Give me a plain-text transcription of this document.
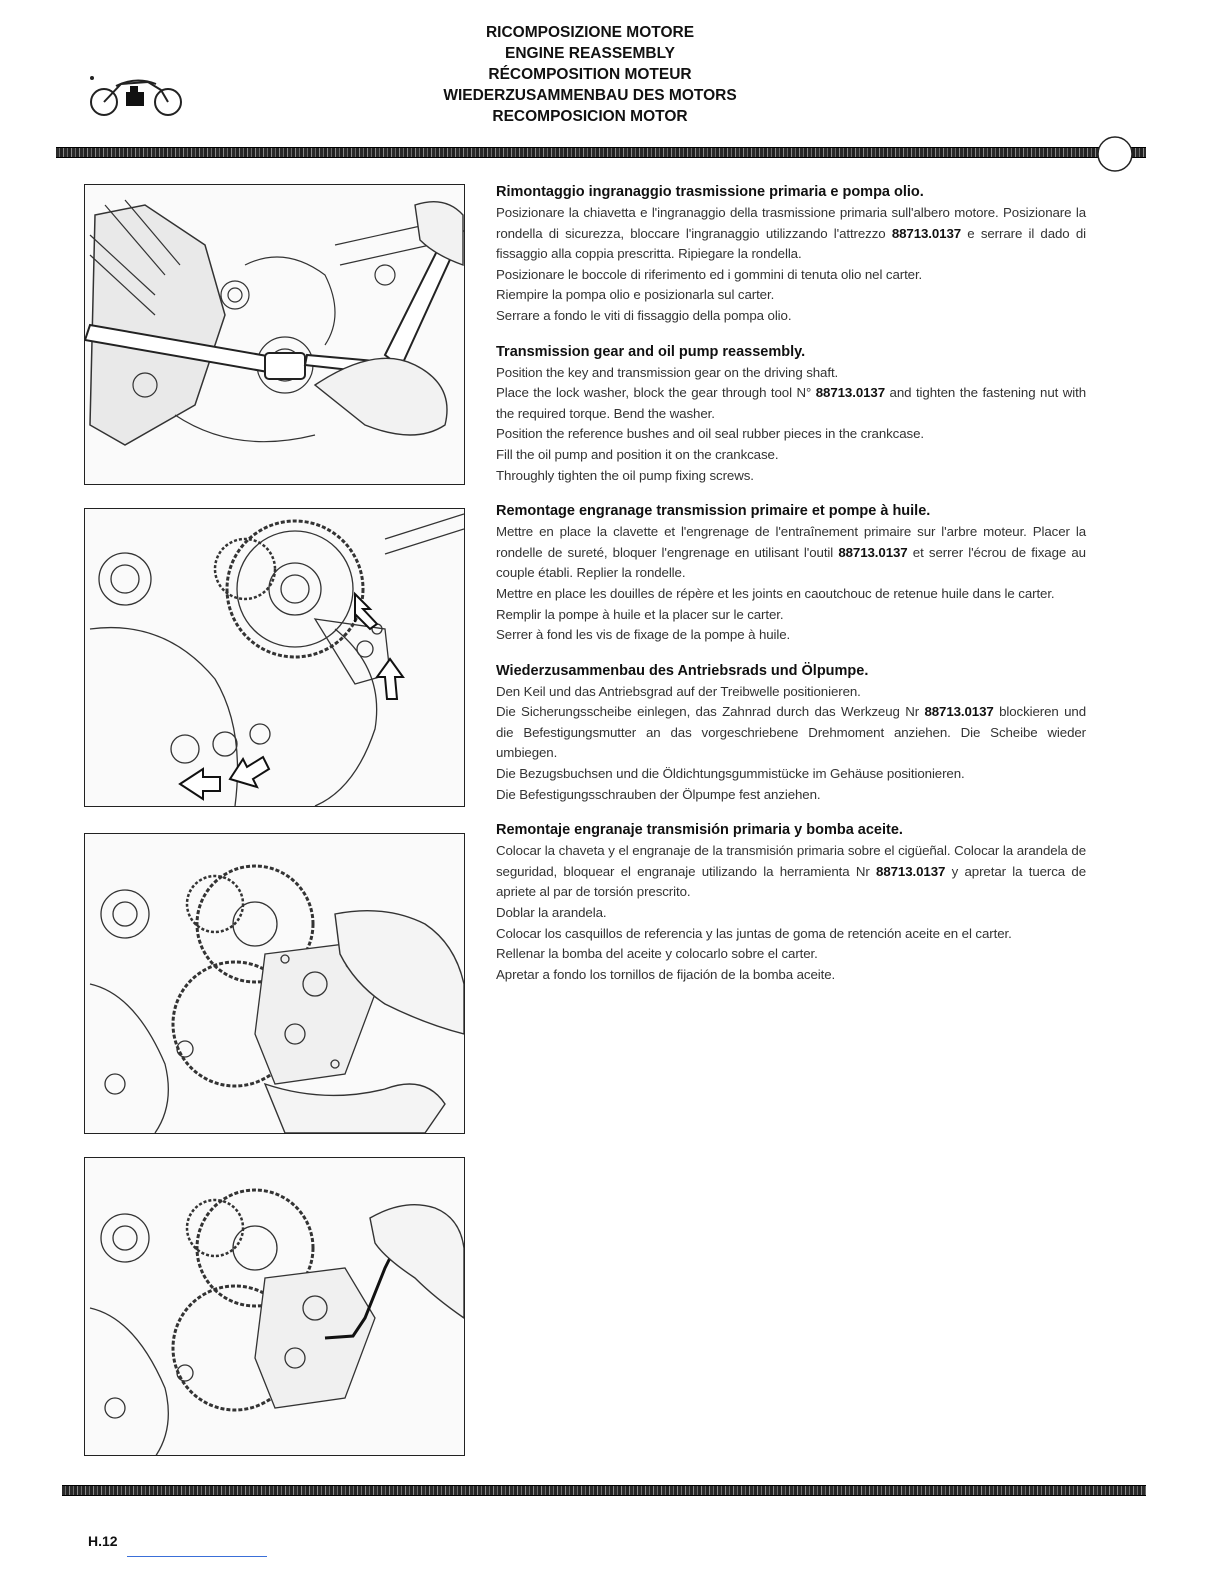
RICOMPOSIZIONE MOTORE
ENGINE REASSEMBLY
RÉCOMPOSITION MOTEUR
WIEDERZUSAMMENBAU DES MOTORS
RECOMPOSICION MOTOR
Rimontaggio ingranaggio trasmissione primaria e pompa olio.

Posizionare la chiavetta e l'ingranaggio della trasmissione primaria sull'albero motore. Posizionare la rondella di sicurezza, bloccare l'ingranaggio utilizzando l'attrezzo 88713.0137 e serrare il dado di fissaggio alla coppia prescritta. Ripiegare la rondella.

Posizionare le boccole di riferimento ed i gommini di tenuta olio nel carter.

Riempire la pompa olio e posizionarla sul carter.

Serrare a fondo le viti di fissaggio della pompa olio.

Transmission gear and oil pump reassembly.

Position the key and transmission gear on the driving shaft.

Place the lock washer, block the gear through tool N° 88713.0137 and tighten the fastening nut with the required torque. Bend the washer.

Position the reference bushes and oil seal rubber pieces in the crankcase.

Fill the oil pump and position it on the crankcase.

Throughly tighten the oil pump fixing screws.

Remontage engranage transmission primaire et pompe à huile.

Mettre en place la clavette et l'engrenage de l'entraînement primaire sur l'arbre moteur. Placer la rondelle de sureté, bloquer l'engrenage en utilisant l'outil 88713.0137 et serrer l'écrou de fixage au couple établi. Replier la rondelle.

Mettre en place les douilles de répère et les joints en caoutchouc de retenue huile dans le carter.

Remplir la pompe à huile et la placer sur le carter.

Serrer à fond les vis de fixage de la pompe à huile.

Wiederzusammenbau des Antriebsrads und Ölpumpe.

Den Keil und das Antriebsgrad auf der Treibwelle positionieren.

Die Sicherungsscheibe einlegen, das Zahnrad durch das Werkzeug Nr 88713.0137 blockieren und die Befestigungsmutter an das vorgeschriebene Drehmoment anziehen. Die Scheibe wieder umbiegen.

Die Bezugsbuchsen und die Öldichtungsgummistücke im Gehäuse positionieren.

Die Befestigungsschrauben der Ölpumpe fest anziehen.

Remontaje engranaje transmisión primaria y bomba aceite.

Colocar la chaveta y el engranaje de la transmisión primaria sobre el cigüeñal. Colocar la arandela de seguridad, bloquear el engranaje utilizando la herramienta Nr 88713.0137 y apretar la tuerca de apriete al par de torsión prescrito.

Doblar la arandela.

Colocar los casquillos de referencia y las juntas de goma de retención aceite en el carter.

Rellenar la bomba del aceite y colocarlo sobre el carter.

Apretar a fondo los tornillos de fijación de la bomba aceite.

H.12
